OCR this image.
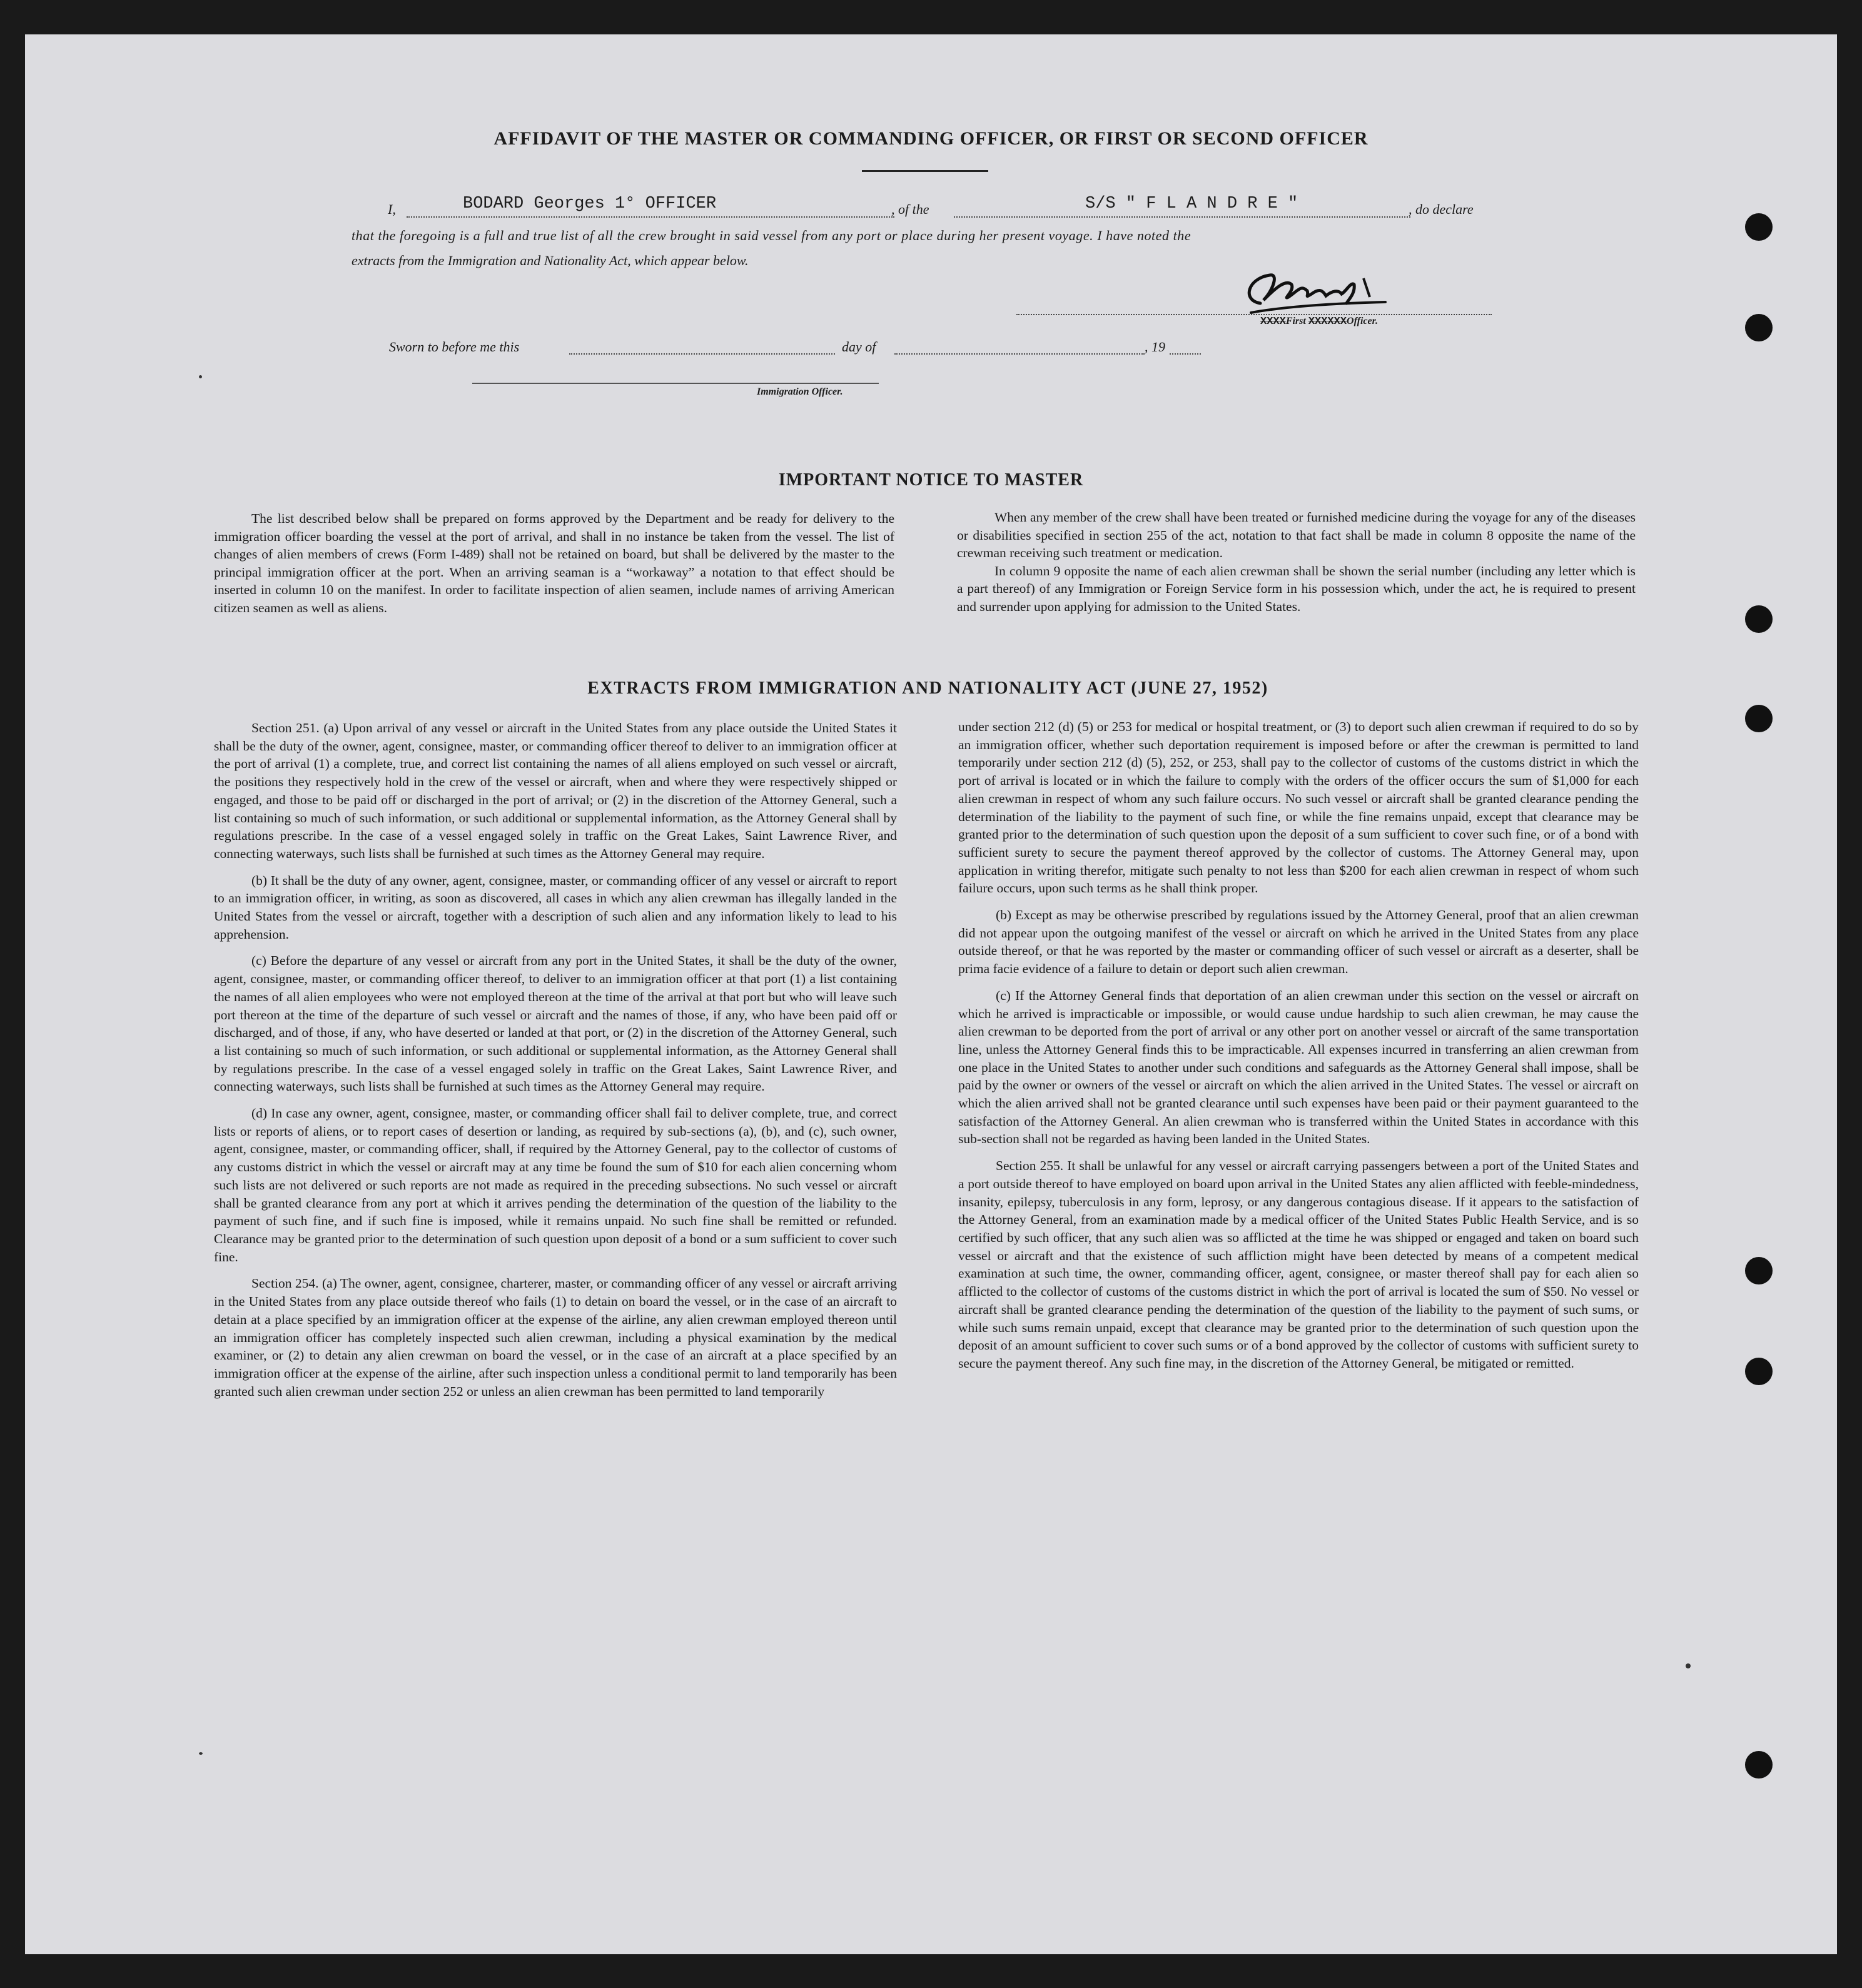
AFFIDAVIT OF THE MASTER OR COMMANDING OFFICER, OR FIRST OR SECOND OFFICER
I,	BODARD Georges 1° OFFICER	, of the	S/S " F L A N D R E "	, do declare
that the foregoing is a full and true list of all the crew brought in said vessel from any port or place during her present voyage. I have noted the
extracts from the Immigration and Nationality Act, which appear below.
XXXXFirst XXXXXXOfficer.
Sworn to before me this	day of	, 19
Immigration Officer.
IMPORTANT NOTICE TO MASTER

The list described below shall be prepared on forms approved by the Department and be ready for delivery to the immigration officer boarding the vessel at the port of arrival, and shall in no instance be taken from the vessel. The list of changes of alien members of crews (Form I-489) shall not be retained on board, but shall be delivered by the master to the principal immigration officer at the port. When an arriving seaman is a “workaway” a notation to that effect should be inserted in column 10 on the manifest. In order to facilitate inspection of alien seamen, include names of arriving American citizen seamen as well as aliens.

When any member of the crew shall have been treated or furnished medicine during the voyage for any of the diseases or disabilities specified in section 255 of the act, notation to that fact shall be made in column 8 opposite the name of the crewman receiving such treatment or medication.

In column 9 opposite the name of each alien crewman shall be shown the serial number (including any letter which is a part thereof) of any Immigration or Foreign Service form in his possession which, under the act, he is required to present and surrender upon applying for admission to the United States.

EXTRACTS FROM IMMIGRATION AND NATIONALITY ACT (JUNE 27, 1952)

Section 251. (a) Upon arrival of any vessel or aircraft in the United States from any place outside the United States it shall be the duty of the owner, agent, consignee, master, or commanding officer thereof to deliver to an immigration officer at the port of arrival (1) a complete, true, and correct list containing the names of all aliens employed on such vessel or aircraft, the positions they respectively hold in the crew of the vessel or aircraft, when and where they were respectively shipped or engaged, and those to be paid off or discharged in the port of arrival; or (2) in the discretion of the Attorney General, such a list containing so much of such information, or such additional or supplemental information, as the Attorney General shall by regulations prescribe. In the case of a vessel engaged solely in traffic on the Great Lakes, Saint Lawrence River, and connecting waterways, such lists shall be furnished at such times as the Attorney General may require.

(b) It shall be the duty of any owner, agent, consignee, master, or commanding officer of any vessel or aircraft to report to an immigration officer, in writing, as soon as discovered, all cases in which any alien crewman has illegally landed in the United States from the vessel or aircraft, together with a description of such alien and any information likely to lead to his apprehension.

(c) Before the departure of any vessel or aircraft from any port in the United States, it shall be the duty of the owner, agent, consignee, master, or commanding officer thereof, to deliver to an immigration officer at that port (1) a list containing the names of all alien employees who were not employed thereon at the time of the arrival at that port but who will leave such port thereon at the time of the departure of such vessel or aircraft and the names of those, if any, who have been paid off or discharged, and of those, if any, who have deserted or landed at that port, or (2) in the discretion of the Attorney General, such a list containing so much of such information, or such additional or supplemental information, as the Attorney General shall by regulations prescribe. In the case of a vessel engaged solely in traffic on the Great Lakes, Saint Lawrence River, and connecting waterways, such lists shall be furnished at such times as the Attorney General may require.

(d) In case any owner, agent, consignee, master, or commanding officer shall fail to deliver complete, true, and correct lists or reports of aliens, or to report cases of desertion or landing, as required by sub-sections (a), (b), and (c), such owner, agent, consignee, master, or commanding officer, shall, if required by the Attorney General, pay to the collector of customs of any customs district in which the vessel or aircraft may at any time be found the sum of $10 for each alien concerning whom such lists are not delivered or such reports are not made as required in the preceding subsections. No such vessel or aircraft shall be granted clearance from any port at which it arrives pending the determination of the question of the liability to the payment of such fine, and if such fine is imposed, while it remains unpaid. No such fine shall be remitted or refunded. Clearance may be granted prior to the determination of such question upon deposit of a bond or a sum sufficient to cover such fine.

Section 254. (a) The owner, agent, consignee, charterer, master, or commanding officer of any vessel or aircraft arriving in the United States from any place outside thereof who fails (1) to detain on board the vessel, or in the case of an aircraft to detain at a place specified by an immigration officer at the expense of the airline, any alien crewman employed thereon until an immigration officer has completely inspected such alien crewman, including a physical examination by the medical examiner, or (2) to detain any alien crewman on board the vessel, or in the case of an aircraft at a place specified by an immigration officer at the expense of the airline, after such inspection unless a conditional permit to land temporarily has been granted such alien crewman under section 252 or unless an alien crewman has been permitted to land temporarily

under section 212 (d) (5) or 253 for medical or hospital treatment, or (3) to deport such alien crewman if required to do so by an immigration officer, whether such deportation requirement is imposed before or after the crewman is permitted to land temporarily under section 212 (d) (5), 252, or 253, shall pay to the collector of customs of the customs district in which the port of arrival is located or in which the failure to comply with the orders of the officer occurs the sum of $1,000 for each alien crewman in respect of whom any such failure occurs. No such vessel or aircraft shall be granted clearance pending the determination of the liability to the payment of such fine, or while the fine remains unpaid, except that clearance may be granted prior to the determination of such question upon the deposit of a sum sufficient to cover such fine, or of a bond with sufficient surety to secure the payment thereof approved by the collector of customs. The Attorney General may, upon application in writing therefor, mitigate such penalty to not less than $200 for each alien crewman in respect of whom such failure occurs, upon such terms as he shall think proper.

(b) Except as may be otherwise prescribed by regulations issued by the Attorney General, proof that an alien crewman did not appear upon the outgoing manifest of the vessel or aircraft on which he arrived in the United States from any place outside thereof, or that he was reported by the master or commanding officer of such vessel or aircraft as a deserter, shall be prima facie evidence of a failure to detain or deport such alien crewman.

(c) If the Attorney General finds that deportation of an alien crewman under this section on the vessel or aircraft on which he arrived is impracticable or impossible, or would cause undue hardship to such alien crewman, he may cause the alien crewman to be deported from the port of arrival or any other port on another vessel or aircraft of the same transportation line, unless the Attorney General finds this to be impracticable. All expenses incurred in transferring an alien crewman from one place in the United States to another under such conditions and safeguards as the Attorney General shall impose, shall be paid by the owner or owners of the vessel or aircraft on which the alien arrived in the United States. The vessel or aircraft on which the alien arrived shall not be granted clearance until such expenses have been paid or their payment guaranteed to the satisfaction of the Attorney General. An alien crewman who is transferred within the United States in accordance with this sub-section shall not be regarded as having been landed in the United States.

Section 255. It shall be unlawful for any vessel or aircraft carrying passengers between a port of the United States and a port outside thereof to have employed on board upon arrival in the United States any alien afflicted with feeble-mindedness, insanity, epilepsy, tuberculosis in any form, leprosy, or any dangerous contagious disease. If it appears to the satisfaction of the Attorney General, from an examination made by a medical officer of the United States Public Health Service, and is so certified by such officer, that any such alien was so afflicted at the time he was shipped or engaged and taken on board such vessel or aircraft and that the existence of such affliction might have been detected by means of a competent medical examination at such time, the owner, commanding officer, agent, consignee, or master thereof shall pay for each alien so afflicted to the collector of customs of the customs district in which the port of arrival is located the sum of $50. No vessel or aircraft shall be granted clearance pending the determination of the question of the liability to the payment of such sums, or while such sums remain unpaid, except that clearance may be granted prior to the determination of such question upon the deposit of an amount sufficient to cover such sums or of a bond approved by the collector of customs with sufficient surety to secure the payment thereof. Any such fine may, in the discretion of the Attorney General, be mitigated or remitted.
